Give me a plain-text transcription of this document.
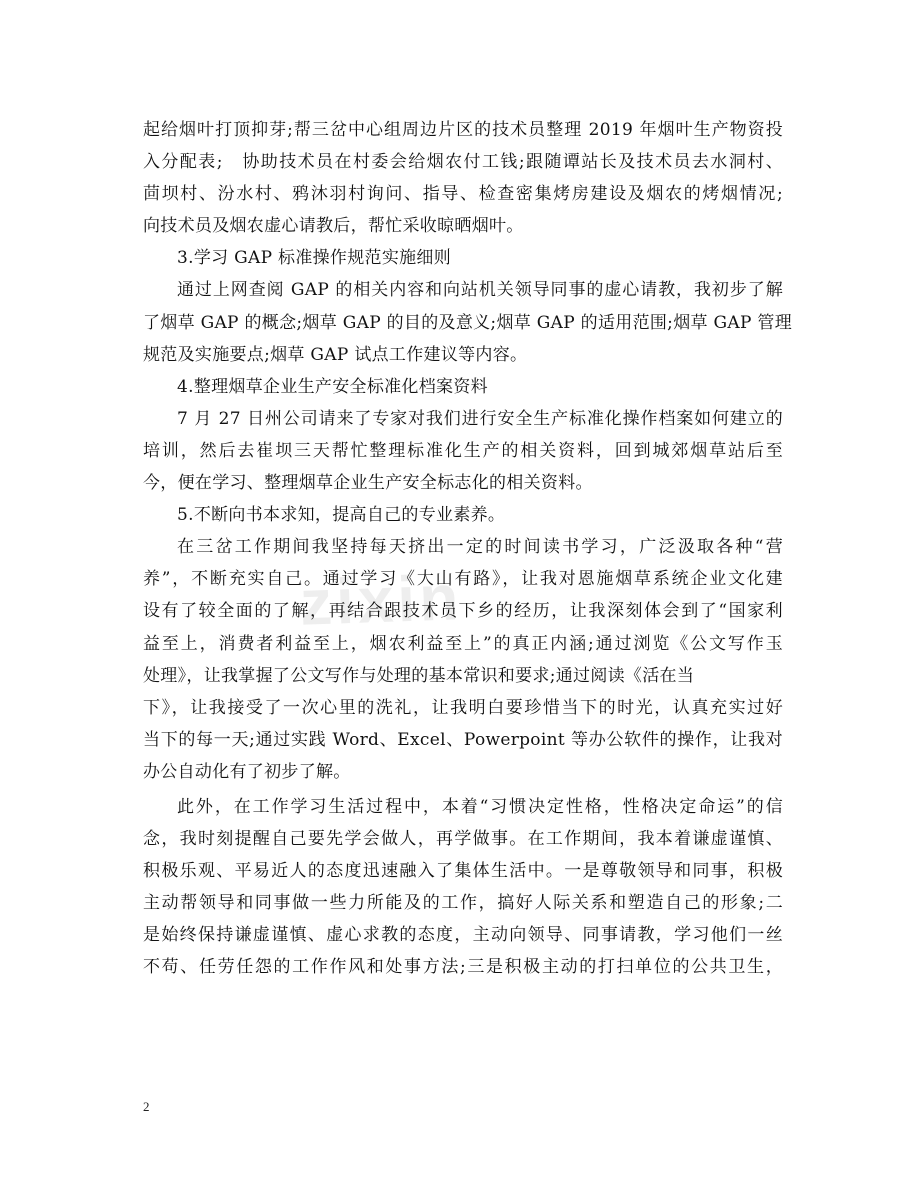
zixin
起给烟叶打顶抑芽;帮三岔中心组周边片区的技术员整理 2019 年烟叶生产物资投
入分配表;　协助技术员在村委会给烟农付工钱;跟随谭站长及技术员去水洞村、
茴坝村、汾水村、鸦沐羽村询问、指导、检查密集烤房建设及烟农的烤烟情况;
向技术员及烟农虚心请教后，帮忙采收晾晒烟叶。
3.学习 GAP 标准操作规范实施细则
通过上网查阅 GAP 的相关内容和向站机关领导同事的虚心请教，我初步了解
了烟草 GAP 的概念;烟草 GAP 的目的及意义;烟草 GAP 的适用范围;烟草 GAP 管理
规范及实施要点;烟草 GAP 试点工作建议等内容。
4.整理烟草企业生产安全标准化档案资料
7 月 27 日州公司请来了专家对我们进行安全生产标准化操作档案如何建立的
培训，然后去崔坝三天帮忙整理标准化生产的相关资料，回到城郊烟草站后至
今，便在学习、整理烟草企业生产安全标志化的相关资料。
5.不断向书本求知，提高自己的专业素养。
在三岔工作期间我坚持每天挤出一定的时间读书学习，广泛汲取各种“营
养”，不断充实自己。通过学习《大山有路》，让我对恩施烟草系统企业文化建
设有了较全面的了解，再结合跟技术员下乡的经历，让我深刻体会到了“国家利
益至上，消费者利益至上，烟农利益至上”的真正内涵;通过浏览《公文写作玉
处理》，让我掌握了公文写作与处理的基本常识和要求;通过阅读《活在当
下》，让我接受了一次心里的洗礼，让我明白要珍惜当下的时光，认真充实过好
当下的每一天;通过实践 Word、Excel、Powerpoint 等办公软件的操作，让我对
办公自动化有了初步了解。
此外，在工作学习生活过程中，本着“习惯决定性格，性格决定命运”的信
念，我时刻提醒自己要先学会做人，再学做事。在工作期间，我本着谦虚谨慎、
积极乐观、平易近人的态度迅速融入了集体生活中。一是尊敬领导和同事，积极
主动帮领导和同事做一些力所能及的工作，搞好人际关系和塑造自己的形象;二
是始终保持谦虚谨慎、虚心求教的态度，主动向领导、同事请教，学习他们一丝
不苟、任劳任怨的工作作风和处事方法;三是积极主动的打扫单位的公共卫生，
2
